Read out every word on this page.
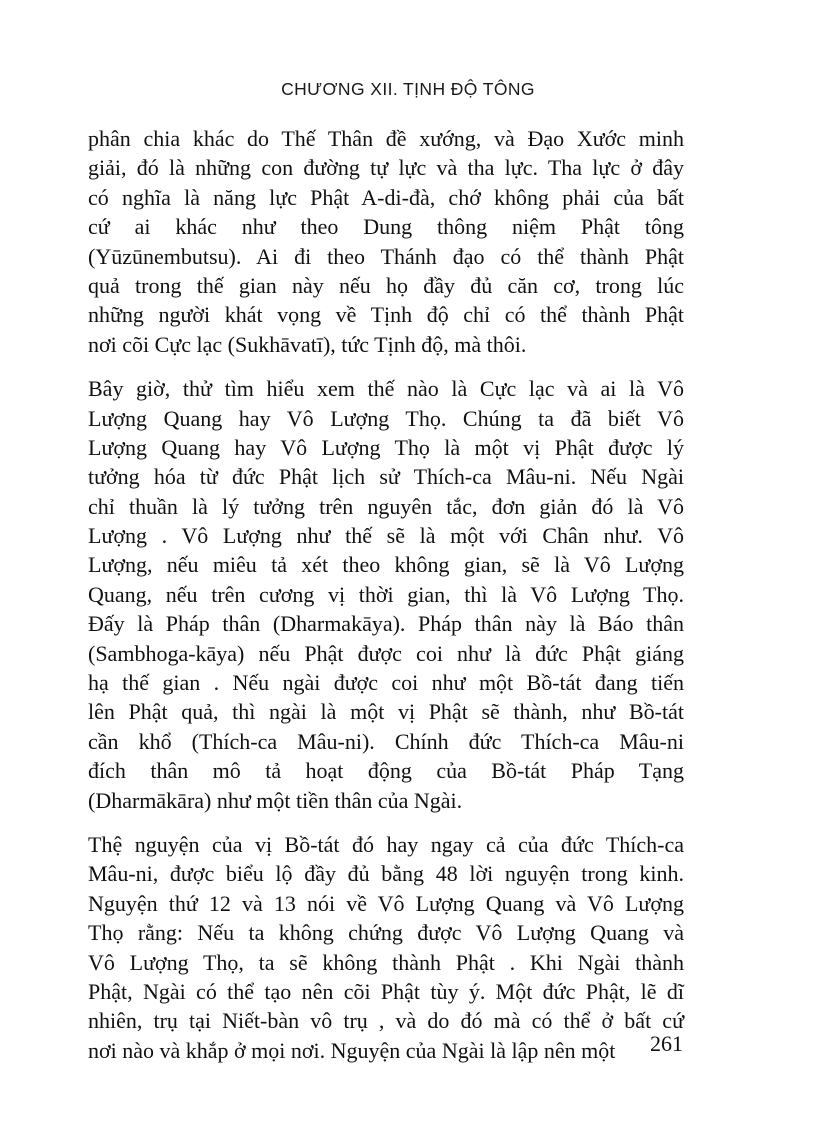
CHƯƠNG XII. TỊNH ĐỘ TÔNG
phân chia khác do Thế Thân đề xướng, và Đạo Xước minh
giải, đó là những con đường tự lực và tha lực. Tha lực ở đây
có nghĩa là năng lực Phật A-di-đà, chớ không phải của bất
cứ ai khác như theo Dung thông niệm Phật tông
(Yūzūnembutsu). Ai đi theo Thánh đạo có thể thành Phật
quả trong thế gian này nếu họ đầy đủ căn cơ, trong lúc
những người khát vọng về Tịnh độ chỉ có thể thành Phật
nơi cõi Cực lạc (Sukhāvatī), tức Tịnh độ, mà thôi.
Bây giờ, thử tìm hiểu xem thế nào là Cực lạc và ai là Vô
Lượng Quang hay Vô Lượng Thọ. Chúng ta đã biết Vô
Lượng Quang hay Vô Lượng Thọ là một vị Phật được lý
tưởng hóa từ đức Phật lịch sử Thích-ca Mâu-ni. Nếu Ngài
chỉ thuần là lý tưởng trên nguyên tắc, đơn giản đó là Vô
Lượng . Vô Lượng như thế sẽ là một với Chân như. Vô
Lượng, nếu miêu tả xét theo không gian, sẽ là Vô Lượng
Quang, nếu trên cương vị thời gian, thì là Vô Lượng Thọ.
Đấy là Pháp thân (Dharmakāya). Pháp thân này là Báo thân
(Sambhoga-kāya) nếu Phật được coi như là đức Phật giáng
hạ thế gian . Nếu ngài được coi như một Bồ-tát đang tiến
lên Phật quả, thì ngài là một vị Phật sẽ thành, như Bồ-tát
cần khổ (Thích-ca Mâu-ni). Chính đức Thích-ca Mâu-ni
đích thân mô tả hoạt động của Bồ-tát Pháp Tạng
(Dharmākāra) như một tiền thân của Ngài.
Thệ nguyện của vị Bồ-tát đó hay ngay cả của đức Thích-ca
Mâu-ni, được biểu lộ đầy đủ bằng 48 lời nguyện trong kinh.
Nguyện thứ 12 và 13 nói về Vô Lượng Quang và Vô Lượng
Thọ rằng: Nếu ta không chứng được Vô Lượng Quang và
Vô Lượng Thọ, ta sẽ không thành Phật . Khi Ngài thành
Phật, Ngài có thể tạo nên cõi Phật tùy ý. Một đức Phật, lẽ dĩ
nhiên, trụ tại Niết-bàn vô trụ , và do đó mà có thể ở bất cứ
nơi nào và khắp ở mọi nơi. Nguyện của Ngài là lập nên một	261
